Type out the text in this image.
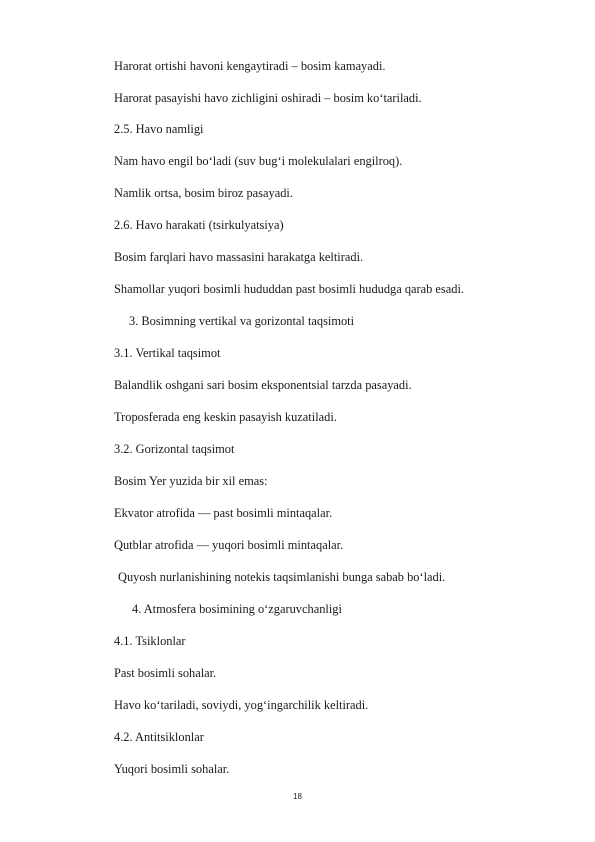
Harorat ortishi havoni kengaytiradi – bosim kamayadi.
Harorat pasayishi havo zichligini oshiradi – bosim ko‘tariladi.
2.5. Havo namligi
Nam havo engil bo‘ladi (suv bug‘i molekulalari engilroq).
Namlik ortsa, bosim biroz pasayadi.
2.6. Havo harakati (tsirkulyatsiya)
Bosim farqlari havo massasini harakatga keltiradi.
Shamollar yuqori bosimli hududdan past bosimli hududga qarab esadi.
3. Bosimning vertikal va gorizontal taqsimoti
3.1. Vertikal taqsimot
Balandlik oshgani sari bosim eksponentsial tarzda pasayadi.
Troposferada eng keskin pasayish kuzatiladi.
3.2. Gorizontal taqsimot
Bosim Yer yuzida bir xil emas:
Ekvator atrofida — past bosimli mintaqalar.
Qutblar atrofida — yuqori bosimli mintaqalar.
Quyosh nurlanishining notekis taqsimlanishi bunga sabab bo‘ladi.
4. Atmosfera bosimining o‘zgaruvchanligi
4.1. Tsiklonlar
Past bosimli sohalar.
Havo ko‘tariladi, soviydi, yog‘ingarchilik keltiradi.
4.2. Antitsiklonlar
Yuqori bosimli sohalar.
18
